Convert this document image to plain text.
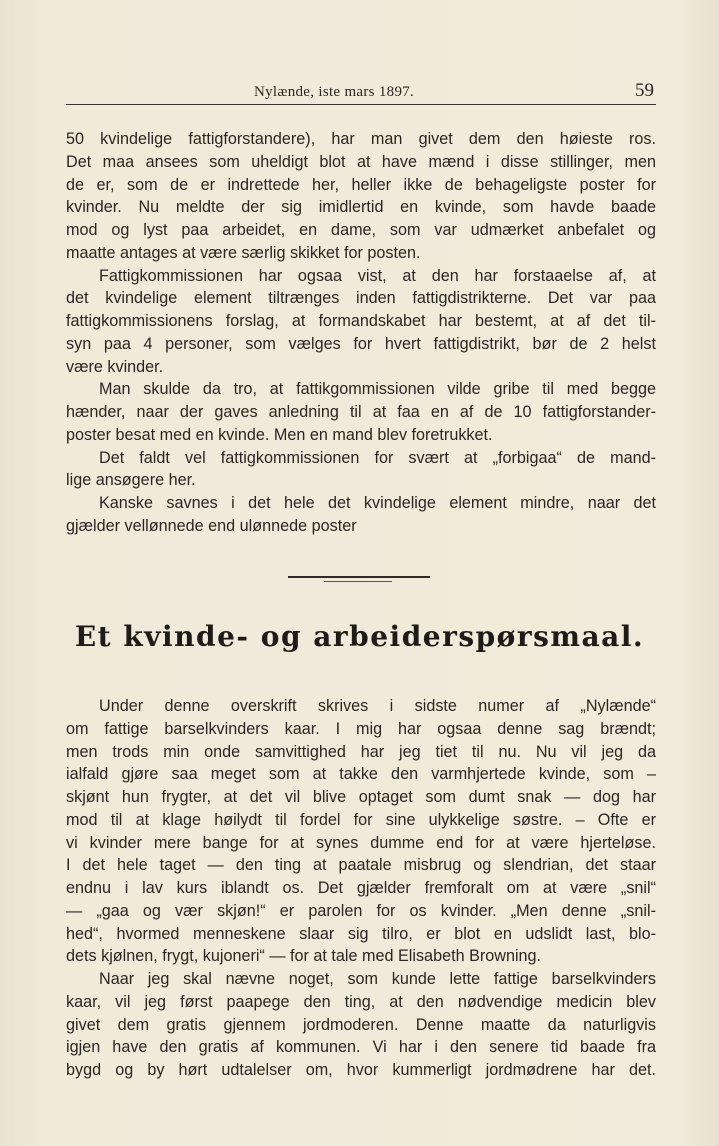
Nylænde, iste mars 1897.	59
50 kvindelige fattigforstandere), har man givet dem den høieste ros.
Det maa ansees som uheldigt blot at have mænd i disse stillinger, men
de er, som de er indrettede her, heller ikke de behageligste poster for
kvinder. Nu meldte der sig imidlertid en kvinde, som havde baade
mod og lyst paa arbeidet, en dame, som var udmærket anbefalet og
maatte antages at være særlig skikket for posten.
Fattigkommissionen har ogsaa vist, at den har forstaaelse af, at
det kvindelige element tiltrænges inden fattigdistrikterne. Det var paa
fattigkommissionens forslag, at formandskabet har bestemt, at af det til-
syn paa 4 personer, som vælges for hvert fattigdistrikt, bør de 2 helst
være kvinder.
Man skulde da tro, at fattikgommissionen vilde gribe til med begge
hænder, naar der gaves anledning til at faa en af de 10 fattigforstander-
poster besat med en kvinde. Men en mand blev foretrukket.
Det faldt vel fattigkommissionen for svært at „forbigaa“ de mand-
lige ansøgere her.
Kanske savnes i det hele det kvindelige element mindre, naar det
gjælder vellønnede end ulønnede poster
Et kvinde- og arbeiderspørsmaal.
Under denne overskrift skrives i sidste numer af „Nylænde“
om fattige barselkvinders kaar. I mig har ogsaa denne sag brændt;
men trods min onde samvittighed har jeg tiet til nu. Nu vil jeg da
ialfald gjøre saa meget som at takke den varmhjertede kvinde, som –
skjønt hun frygter, at det vil blive optaget som dumt snak — dog har
mod til at klage høilydt til fordel for sine ulykkelige søstre. – Ofte er
vi kvinder mere bange for at synes dumme end for at være hjerteløse.
I det hele taget — den ting at paatale misbrug og slendrian, det staar
endnu i lav kurs iblandt os. Det gjælder fremforalt om at være „snil“
— „gaa og vær skjøn!“ er parolen for os kvinder. „Men denne „snil-
hed“, hvormed menneskene slaar sig tilro, er blot en udslidt last, blo-
dets kjølnen, frygt, kujoneri“ — for at tale med Elisabeth Browning.
Naar jeg skal nævne noget, som kunde lette fattige barselkvinders
kaar, vil jeg først paapege den ting, at den nødvendige medicin blev
givet dem gratis gjennem jordmoderen. Denne maatte da naturligvis
igjen have den gratis af kommunen. Vi har i den senere tid baade fra
bygd og by hørt udtalelser om, hvor kummerligt jordmødrene har det.
